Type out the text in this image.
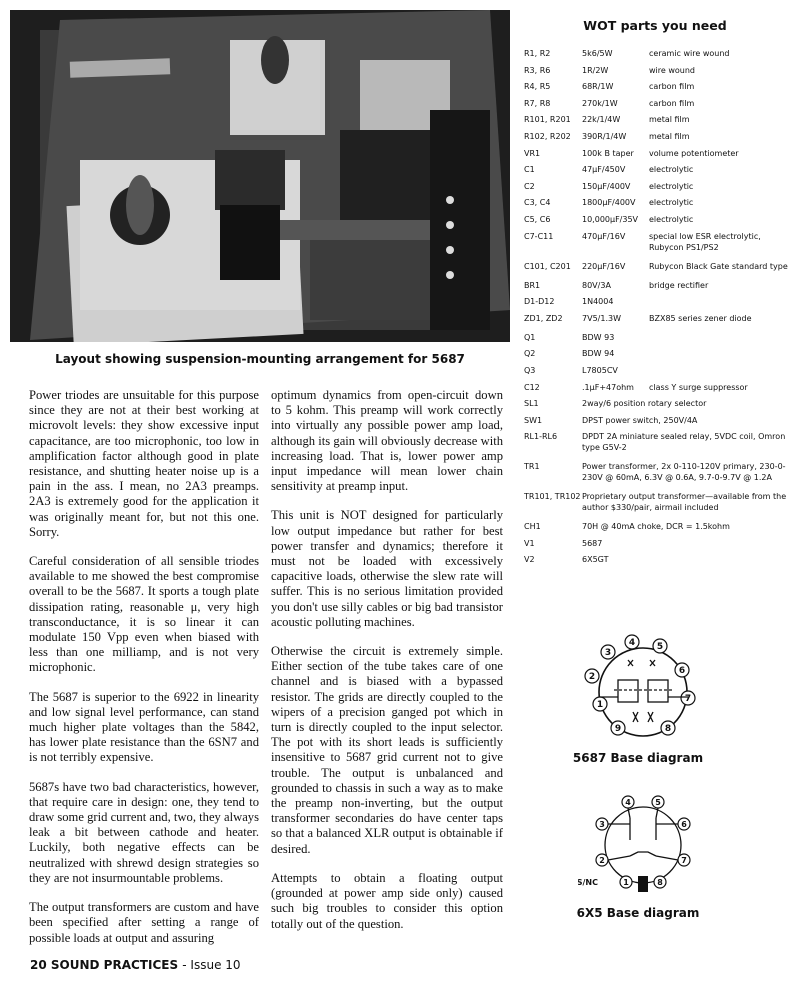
Layout showing suspension-mounting arrangement for 5687

Power triodes are unsuitable for this purpose since they are not at their best working at microvolt levels: they show excessive input capacitance, are too microphonic, too low in amplification factor although good in plate resistance, and shutting heater noise up is a pain in the ass. I mean, no 2A3 preamps. 2A3 is extremely good for the application it was originally meant for, but not this one. Sorry.

Careful consideration of all sensible triodes available to me showed the best compromise overall to be the 5687. It sports a tough plate dissipation rating, reasonable μ, very high transconductance, it is so linear it can modulate 150 Vpp even when biased with less than one milliamp, and is not very microphonic.

The 5687 is superior to the 6922 in linearity and low signal level performance, can stand much higher plate voltages than the 5842, has lower plate resistance than the 6SN7 and is not terribly expensive.

5687s have two bad characteristics, however, that require care in design: one, they tend to draw some grid current and, two, they always leak a bit between cathode and heater. Luckily, both negative effects can be neutralized with shrewd design strategies so they are not insurmountable problems.

The output transformers are custom and have been specified after setting a range of possible loads at output and assuring

optimum dynamics from open-circuit down to 5 kohm. This preamp will work correctly into virtually any possible power amp load, although its gain will obviously decrease with increasing load. That is, lower power amp input impedance will mean lower chain sensitivity at preamp input.

This unit is NOT designed for particularly low output impedance but rather for best power transfer and dynamics; therefore it must not be loaded with excessively capacitive loads, otherwise the slew rate will suffer. This is no serious limitation provided you don't use silly cables or big bad transistor acoustic polluting machines.

Otherwise the circuit is extremely simple. Either section of the tube takes care of one channel and is biased with a bypassed resistor. The grids are directly coupled to the wipers of a precision ganged pot which in turn is directly coupled to the input selector. The pot with its short leads is sufficiently insensitive to 5687 grid current not to give trouble. The output is unbalanced and grounded to chassis in such a way as to make the preamp non-inverting, but the output transformer secondaries do have center taps so that a balanced XLR output is obtainable if desired.

Attempts to obtain a floating output (grounded at power amp side only) caused such big troubles to consider this option totally out of the question.

WOT parts you need
R1, R2	5k6/5W	ceramic wire wound
R3, R6	1R/2W	wire wound
R4, R5	68R/1W	carbon film
R7, R8	270k/1W	carbon film
R101, R201	22k/1/4W	metal film
R102, R202	390R/1/4W	metal film
VR1	100k B taper	volume potentiometer
C1	47µF/450V	electrolytic
C2	150µF/400V	electrolytic
C3, C4	1800µF/400V	electrolytic
C5, C6	10,000µF/35V	electrolytic
C7-C11	470µF/16V	special low ESR electrolytic, Rubycon PS1/PS2
C101, C201	220µF/16V	Rubycon Black Gate standard type
BR1	80V/3A	bridge rectifier
D1-D12	1N4004
ZD1, ZD2	7V5/1.3W	BZX85 series zener diode
Q1	BDW 93
Q2	BDW 94
Q3	L7805CV
C12	.1µF+47ohm	class Y surge suppressor
SL1	2way/6 position rotary selector
SW1	DPST power switch, 250V/4A
RL1-RL6	DPDT 2A miniature sealed relay, 5VDC coil, Omron type G5V-2
TR1	Power transformer, 2x 0-110-120V primary, 230-0-230V @ 60mA, 6.3V @ 0.6A, 9.7-0-9.7V @ 1.2A
TR101, TR102 Proprietary output transformer—available from the author $330/pair, airmail included
CH1	70H @ 40mA choke, DCR = 1.5kohm
V1	5687
V2	6X5GT
1
2
3
4 5
6
7
8
9
5687 Base diagram
1
2
3
4	5
6
7
8
S/NC
6X5 Base diagram
20 SOUND PRACTICES - Issue 10
